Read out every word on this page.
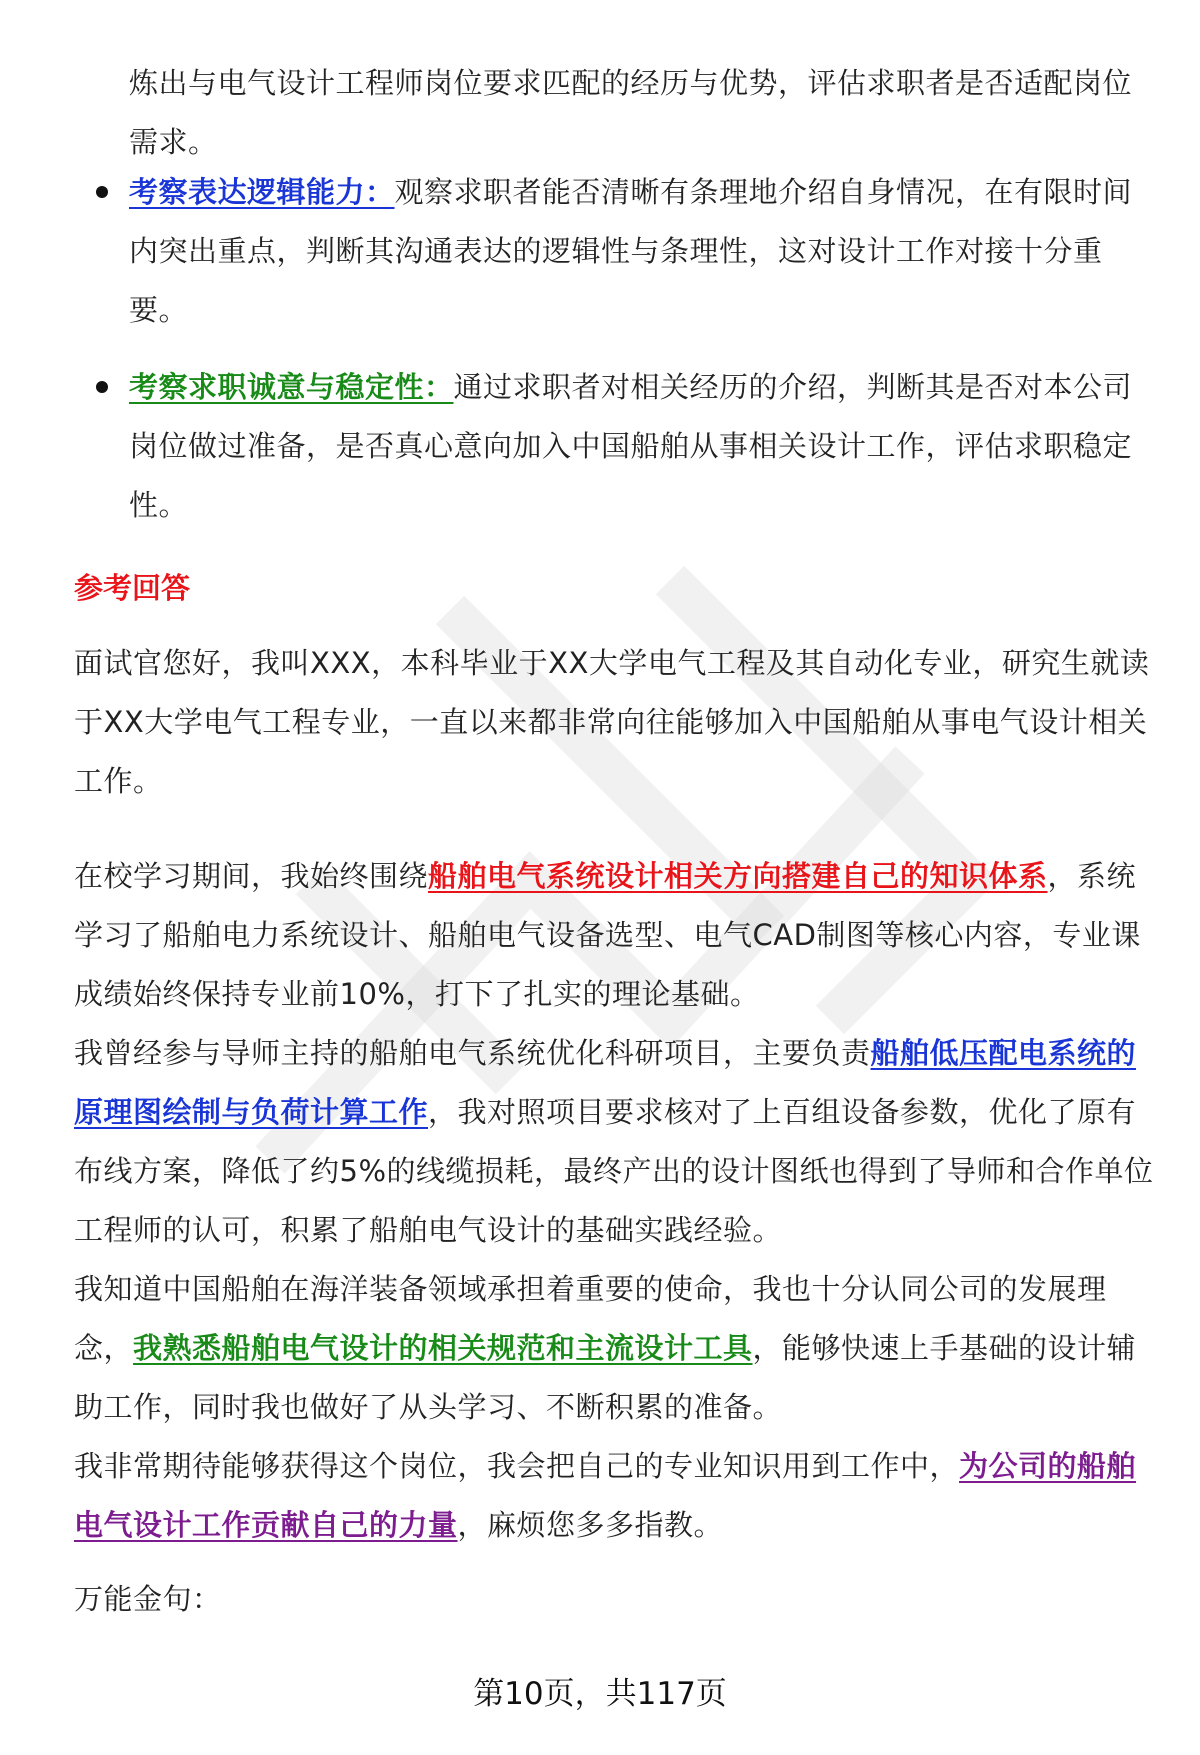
炼出与电气设计工程师岗位要求匹配的经历与优势，评估求职者是否适配岗位
需求。

考察表达逻辑能力：观察求职者能否清晰有条理地介绍自身情况，在有限时间内突出重点，判断其沟通表达的逻辑性与条理性，这对设计工作对接十分重要。

考察求职诚意与稳定性：通过求职者对相关经历的介绍，判断其是否对本公司岗位做过准备，是否真心意向加入中国船舶从事相关设计工作，评估求职稳定性。

参考回答

面试官您好，我叫XXX，本科毕业于XX大学电气工程及其自动化专业，研究生就读于XX大学电气工程专业，一直以来都非常向往能够加入中国船舶从事电气设计相关工作。

在校学习期间，我始终围绕船舶电气系统设计相关方向搭建自己的知识体系，系统学习了船舶电力系统设计、船舶电气设备选型、电气CAD制图等核心内容，专业课成绩始终保持专业前10%，打下了扎实的理论基础。

我曾经参与导师主持的船舶电气系统优化科研项目，主要负责船舶低压配电系统的原理图绘制与负荷计算工作，我对照项目要求核对了上百组设备参数，优化了原有布线方案，降低了约5%的线缆损耗，最终产出的设计图纸也得到了导师和合作单位工程师的认可，积累了船舶电气设计的基础实践经验。

我知道中国船舶在海洋装备领域承担着重要的使命，我也十分认同公司的发展理念，我熟悉船舶电气设计的相关规范和主流设计工具，能够快速上手基础的设计辅助工作，同时我也做好了从头学习、不断积累的准备。

我非常期待能够获得这个岗位，我会把自己的专业知识用到工作中，为公司的船舶电气设计工作贡献自己的力量，麻烦您多多指教。

万能金句：

第10页，共117页
